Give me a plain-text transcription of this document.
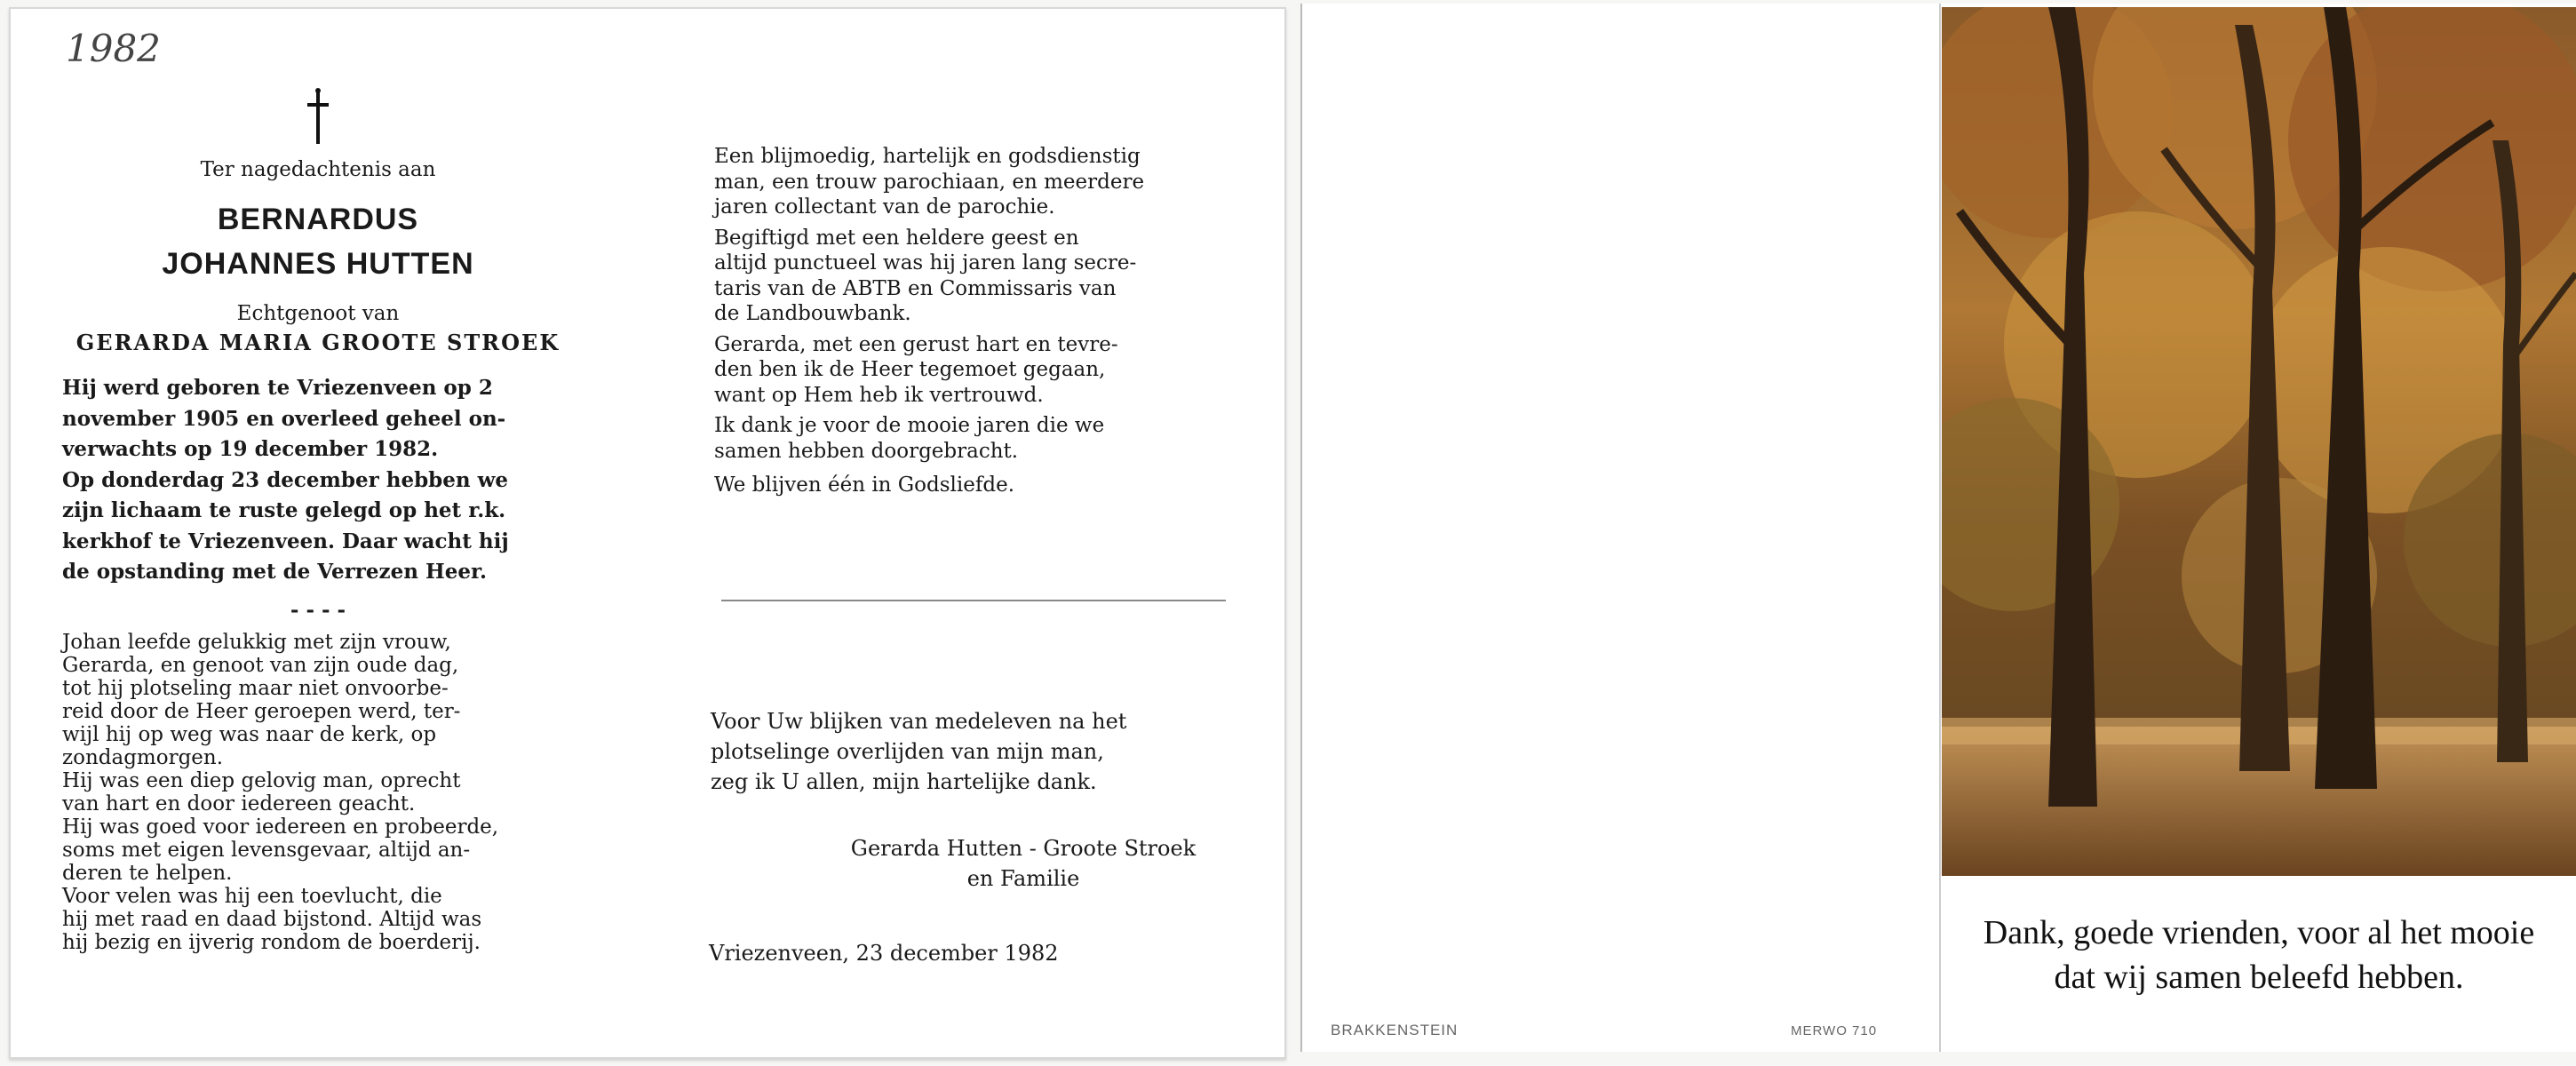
1982
Ter nagedachtenis aan
BERNARDUS
JOHANNES HUTTEN
Echtgenoot van
GERARDA MARIA GROOTE STROEK
Hij werd geboren te Vriezenveen op 2
november 1905 en overleed geheel on-
verwachts op 19 december 1982.
Op donderdag 23 december hebben we
zijn lichaam te ruste gelegd op het r.k.
kerkhof te Vriezenveen. Daar wacht hij
de opstanding met de Verrezen Heer.
- - - -
Johan leefde gelukkig met zijn vrouw,
Gerarda, en genoot van zijn oude dag,
tot hij plotseling maar niet onvoorbe-
reid door de Heer geroepen werd, ter-
wijl hij op weg was naar de kerk, op
zondagmorgen.
Hij was een diep gelovig man, oprecht
van hart en door iedereen geacht.
Hij was goed voor iedereen en probeerde,
soms met eigen levensgevaar, altijd an-
deren te helpen.
Voor velen was hij een toevlucht, die
hij met raad en daad bijstond. Altijd was
hij bezig en ijverig rondom de boerderij.
Een blijmoedig, hartelijk en godsdienstig
man, een trouw parochiaan, en meerdere
jaren collectant van de parochie.
Begiftigd met een heldere geest en
altijd punctueel was hij jaren lang secre-
taris van de ABTB en Commissaris van
de Landbouwbank.
Gerarda, met een gerust hart en tevre-
den ben ik de Heer tegemoet gegaan,
want op Hem heb ik vertrouwd.
Ik dank je voor de mooie jaren die we
samen hebben doorgebracht.
We blijven één in Godsliefde.
Voor Uw blijken van medeleven na het
plotselinge overlijden van mijn man,
zeg ik U allen, mijn hartelijke dank.
Gerarda Hutten - Groote Stroek
en Familie
Vriezenveen, 23 december 1982
Dank, goede vrienden, voor al het mooie
dat wij samen beleefd hebben.
BRAKKENSTEIN	MERWO 710
